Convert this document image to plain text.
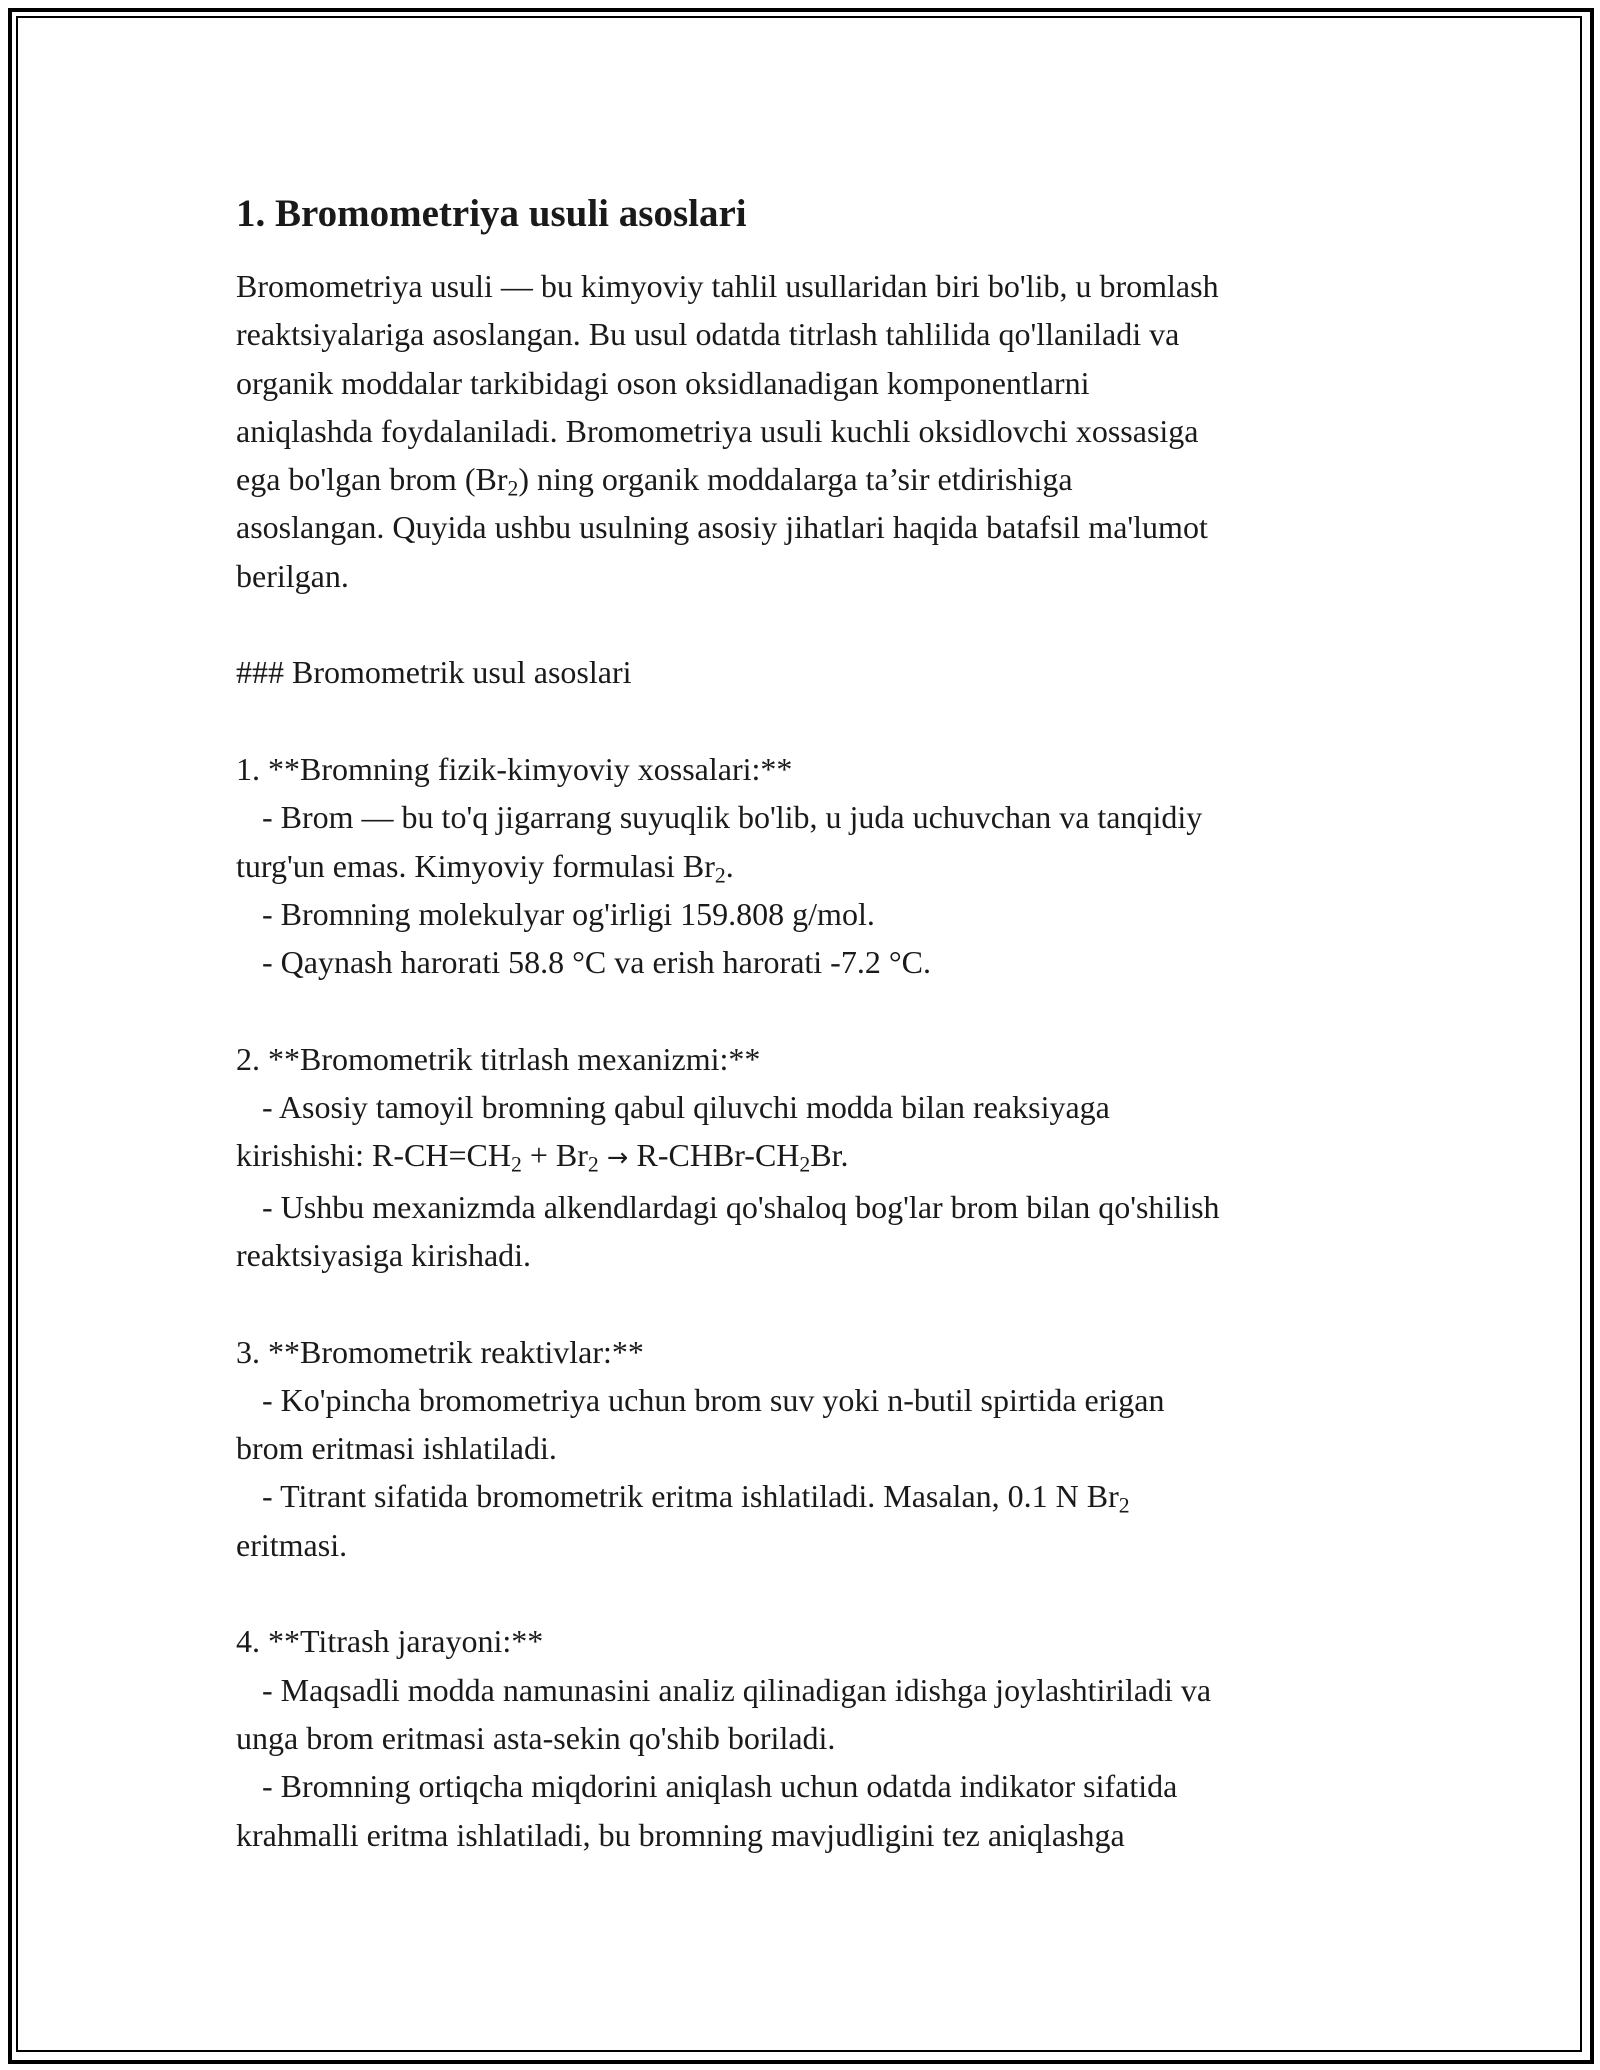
1. Bromometriya usuli asoslari
Bromometriya usuli — bu kimyoviy tahlil usullaridan biri bo'lib, u bromlash
reaktsiyalariga asoslangan. Bu usul odatda titrlash tahlilida qo'llaniladi va
organik moddalar tarkibidagi oson oksidlanadigan komponentlarni
aniqlashda foydalaniladi. Bromometriya usuli kuchli oksidlovchi xossasiga
ega bo'lgan brom $(Br_2)$ ning organik moddalarga ta’sir etdirishiga
asoslangan. Quyida ushbu usulning asosiy jihatlari haqida batafsil ma'lumot
berilgan.
### Bromometrik usul asoslari
1. **Bromning fizik-kimyoviy xossalari:**
- Brom — bu to'q jigarrang suyuqlik bo'lib, u juda uchuvchan va tanqidiy
turg'un emas. Kimyoviy formulasi $Br_2$.
- Bromning molekulyar og'irligi 159.808 g/mol.
- Qaynash harorati 58.8 °C va erish harorati -7.2 °C.
2. **Bromometrik titrlash mexanizmi:**
- Asosiy tamoyil bromning qabul qiluvchi modda bilan reaksiyaga
kirishishi: $R-CH=CH_2 + Br_2$ → $R-CHBr-CH_2Br$.
- Ushbu mexanizmda alkendlardagi qo'shaloq bog'lar brom bilan qo'shilish
reaktsiyasiga kirishadi.
3. **Bromometrik reaktivlar:**
- Ko'pincha bromometriya uchun brom suv yoki n-butil spirtida erigan
brom eritmasi ishlatiladi.
- Titrant sifatida bromometrik eritma ishlatiladi. Masalan, 0.1 N $Br_2$
eritmasi.
4. **Titrash jarayoni:**
- Maqsadli modda namunasini analiz qilinadigan idishga joylashtiriladi va
unga brom eritmasi asta-sekin qo'shib boriladi.
- Bromning ortiqcha miqdorini aniqlash uchun odatda indikator sifatida
krahmalli eritma ishlatiladi, bu bromning mavjudligini tez aniqlashga
